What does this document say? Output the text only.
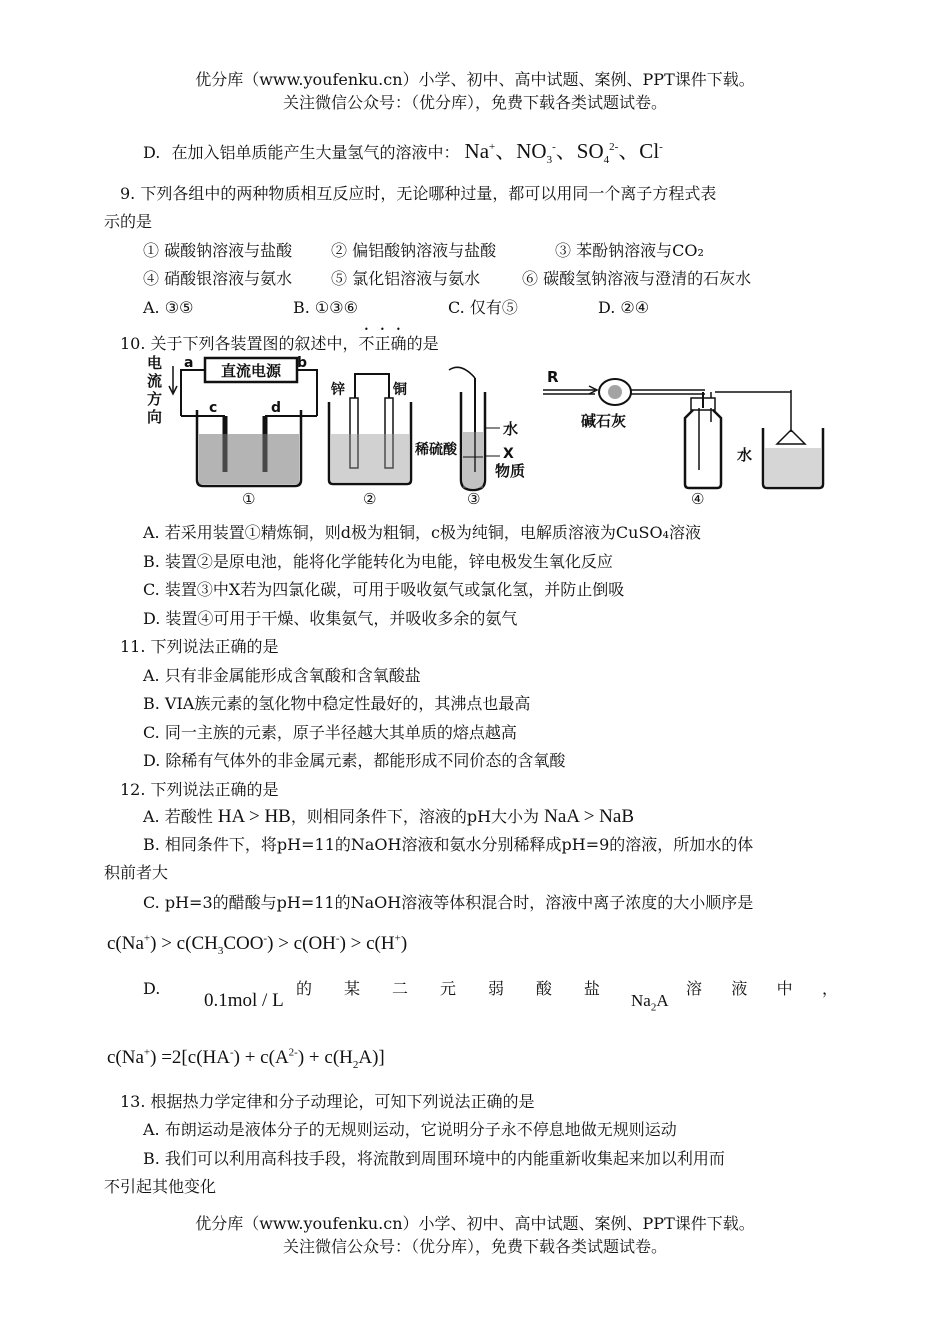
优分库（www.youfenku.cn）小学、初中、高中试题、案例、PPT课件下载。
关注微信公众号：（优分库），免费下载各类试题试卷。
D. 在加入铝单质能产生大量氢气的溶液中： Na+、$NO_3^-$、$SO_4^{2-}$、Cl-
9. 下列各组中的两种物质相互反应时，无论哪种过量，都可以用同一个离子方程式表
示的是
① 碳酸钠溶液与盐酸 ② 偏铝酸钠溶液与盐酸	③ 苯酚钠溶液与CO₂
④ 硝酸银溶液与氨水 ⑤ 氯化铝溶液与氨水	⑥ 碳酸氢钠溶液与澄清的石灰水
A. ③⑤	B. ①③⑥	C. 仅有⑤	D. ②④
10. 关于下列各装置图的叙述中，不正确的是
直流电源
a	b
电
流
方
向	c	d
①
锌	铜
②
水
X
物质
稀硫酸
③
R
碱石灰
水
④
A. 若采用装置①精炼铜，则d极为粗铜，c极为纯铜，电解质溶液为CuSO₄溶液
B. 装置②是原电池，能将化学能转化为电能，锌电极发生氧化反应
C. 装置③中X若为四氯化碳，可用于吸收氨气或氯化氢，并防止倒吸
D. 装置④可用于干燥、收集氨气，并吸收多余的氨气
11. 下列说法正确的是
A. 只有非金属能形成含氧酸和含氧酸盐
B. VIA族元素的氢化物中稳定性最好的，其沸点也最高
C. 同一主族的元素，原子半径越大其单质的熔点越高
D. 除稀有气体外的非金属元素，都能形成不同价态的含氧酸
12. 下列说法正确的是
A. 若酸性 HA > HB，则相同条件下，溶液的pH大小为 NaA > NaB
B. 相同条件下，将pH=11的NaOH溶液和氨水分别稀释成pH=9的溶液，所加水的体
积前者大
C. pH=3的醋酸与pH=11的NaOH溶液等体积混合时，溶液中离子浓度的大小顺序是
$c(Na^+) > c(CH_3COO^-) > c(OH^-) > c(H^+)$
D.
0.1mol / L
的 某 二 元 弱 酸 盐
$Na_2A$
溶 液 中 ，
$c(Na^+) =2[c(HA^-) + c(A^{2-}) + c(H_2A)]$
13. 根据热力学定律和分子动理论，可知下列说法正确的是
A. 布朗运动是液体分子的无规则运动，它说明分子永不停息地做无规则运动
B. 我们可以利用高科技手段，将流散到周围环境中的内能重新收集起来加以利用而
不引起其他变化
优分库（www.youfenku.cn）小学、初中、高中试题、案例、PPT课件下载。
关注微信公众号：（优分库），免费下载各类试题试卷。
